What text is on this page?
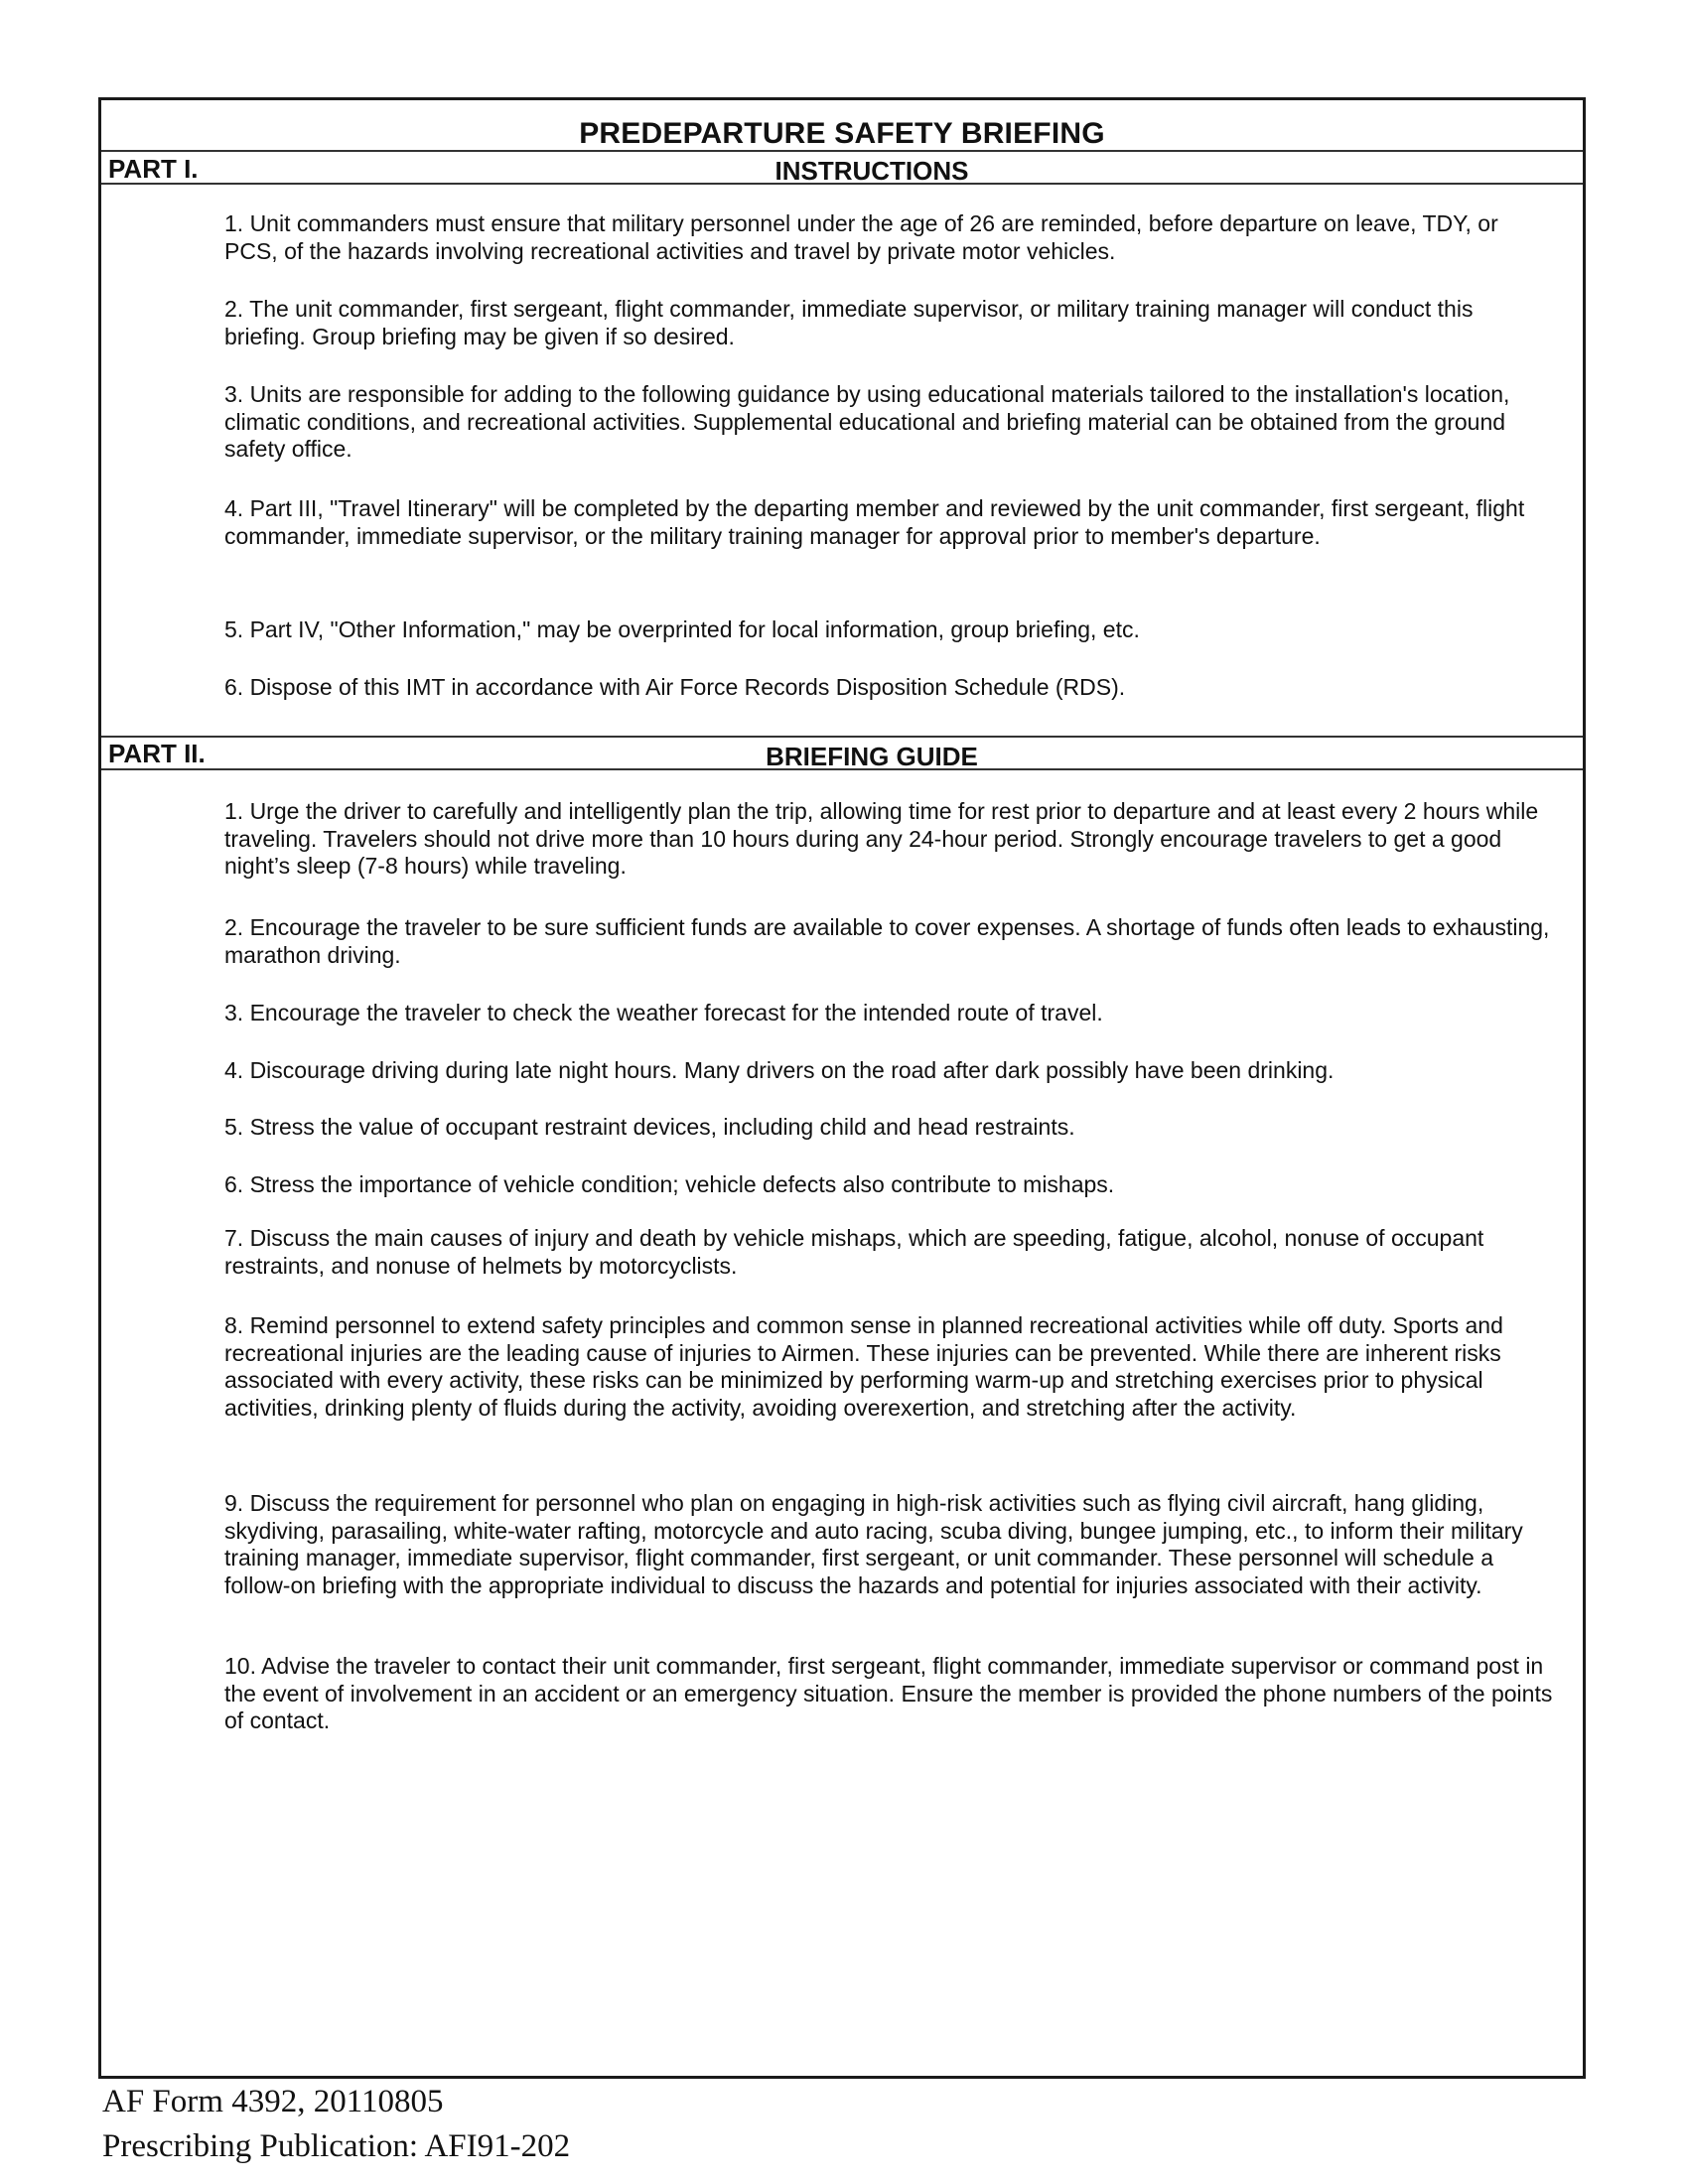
PREDEPARTURE SAFETY BRIEFING
PART I.	INSTRUCTIONS

1. Unit commanders must ensure that military personnel under the age of 26 are reminded, before departure on leave, TDY, or PCS, of the hazards involving recreational activities and travel by private motor vehicles.

2. The unit commander, first sergeant, flight commander, immediate supervisor, or military training manager will conduct this briefing. Group briefing may be given if so desired.

3. Units are responsible for adding to the following guidance by using educational materials tailored to the installation's location, climatic conditions, and recreational activities. Supplemental educational and briefing material can be obtained from the ground safety office.

4. Part III, "Travel Itinerary" will be completed by the departing member and reviewed by the unit commander, first sergeant, flight commander, immediate supervisor, or the military training manager for approval prior to member's departure.

5. Part IV, "Other Information," may be overprinted for local information, group briefing, etc.

6. Dispose of this IMT in accordance with Air Force Records Disposition Schedule (RDS).

PART II.	BRIEFING GUIDE

1. Urge the driver to carefully and intelligently plan the trip, allowing time for rest prior to departure and at least every 2 hours while traveling. Travelers should not drive more than 10 hours during any 24-hour period. Strongly encourage travelers to get a good night’s sleep (7-8 hours) while traveling.

2. Encourage the traveler to be sure sufficient funds are available to cover expenses. A shortage of funds often leads to exhausting, marathon driving.

3. Encourage the traveler to check the weather forecast for the intended route of travel.

4. Discourage driving during late night hours. Many drivers on the road after dark possibly have been drinking.

5. Stress the value of occupant restraint devices, including child and head restraints.

6. Stress the importance of vehicle condition; vehicle defects also contribute to mishaps.

7. Discuss the main causes of injury and death by vehicle mishaps, which are speeding, fatigue, alcohol, nonuse of occupant restraints, and nonuse of helmets by motorcyclists.

8. Remind personnel to extend safety principles and common sense in planned recreational activities while off duty. Sports and recreational injuries are the leading cause of injuries to Airmen. These injuries can be prevented. While there are inherent risks associated with every activity, these risks can be minimized by performing warm-up and stretching exercises prior to physical activities, drinking plenty of fluids during the activity, avoiding overexertion, and stretching after the activity.

9. Discuss the requirement for personnel who plan on engaging in high-risk activities such as flying civil aircraft, hang gliding, skydiving, parasailing, white-water rafting, motorcycle and auto racing, scuba diving, bungee jumping, etc., to inform their military training manager, immediate supervisor, flight commander, first sergeant, or unit commander. These personnel will schedule a follow-on briefing with the appropriate individual to discuss the hazards and potential for injuries associated with their activity.

10. Advise the traveler to contact their unit commander, first sergeant, flight commander, immediate supervisor or command post in the event of involvement in an accident or an emergency situation. Ensure the member is provided the phone numbers of the points of contact.

AF Form 4392, 20110805
Prescribing Publication: AFI91-202
